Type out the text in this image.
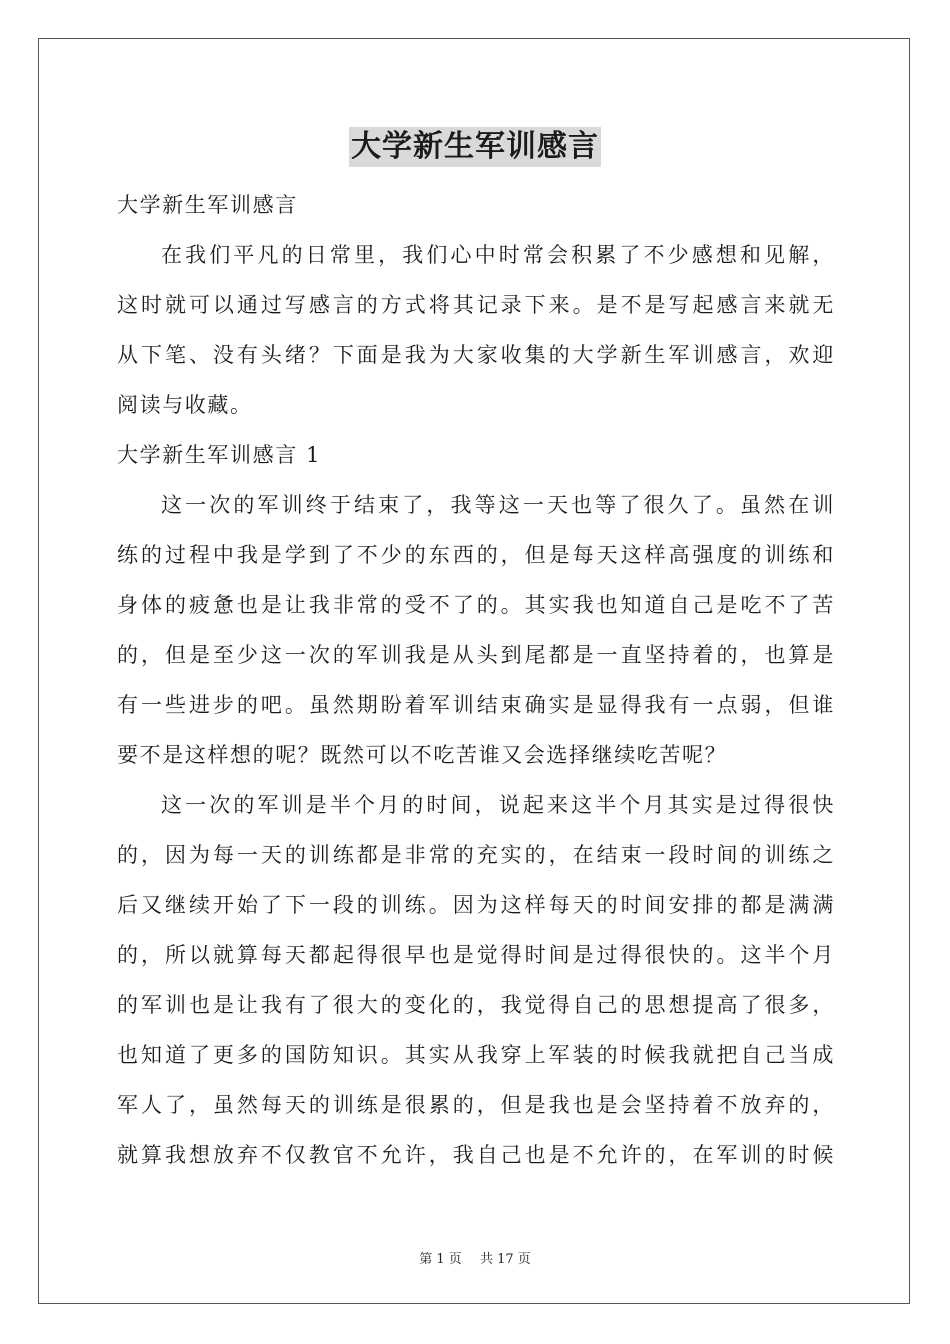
大学新生军训感言
大学新生军训感言
在我们平凡的日常里，我们心中时常会积累了不少感想和见解，
这时就可以通过写感言的方式将其记录下来。是不是写起感言来就无
从下笔、没有头绪？下面是我为大家收集的大学新生军训感言，欢迎
阅读与收藏。
大学新生军训感言 1
这一次的军训终于结束了，我等这一天也等了很久了。虽然在训
练的过程中我是学到了不少的东西的，但是每天这样高强度的训练和
身体的疲惫也是让我非常的受不了的。其实我也知道自己是吃不了苦
的，但是至少这一次的军训我是从头到尾都是一直坚持着的，也算是
有一些进步的吧。虽然期盼着军训结束确实是显得我有一点弱，但谁
要不是这样想的呢？既然可以不吃苦谁又会选择继续吃苦呢？
这一次的军训是半个月的时间，说起来这半个月其实是过得很快
的，因为每一天的训练都是非常的充实的，在结束一段时间的训练之
后又继续开始了下一段的训练。因为这样每天的时间安排的都是满满
的，所以就算每天都起得很早也是觉得时间是过得很快的。这半个月
的军训也是让我有了很大的变化的，我觉得自己的思想提高了很多，
也知道了更多的国防知识。其实从我穿上军装的时候我就把自己当成
军人了，虽然每天的训练是很累的，但是我也是会坚持着不放弃的，
就算我想放弃不仅教官不允许，我自己也是不允许的，在军训的时候
第 1 页 共 17 页
